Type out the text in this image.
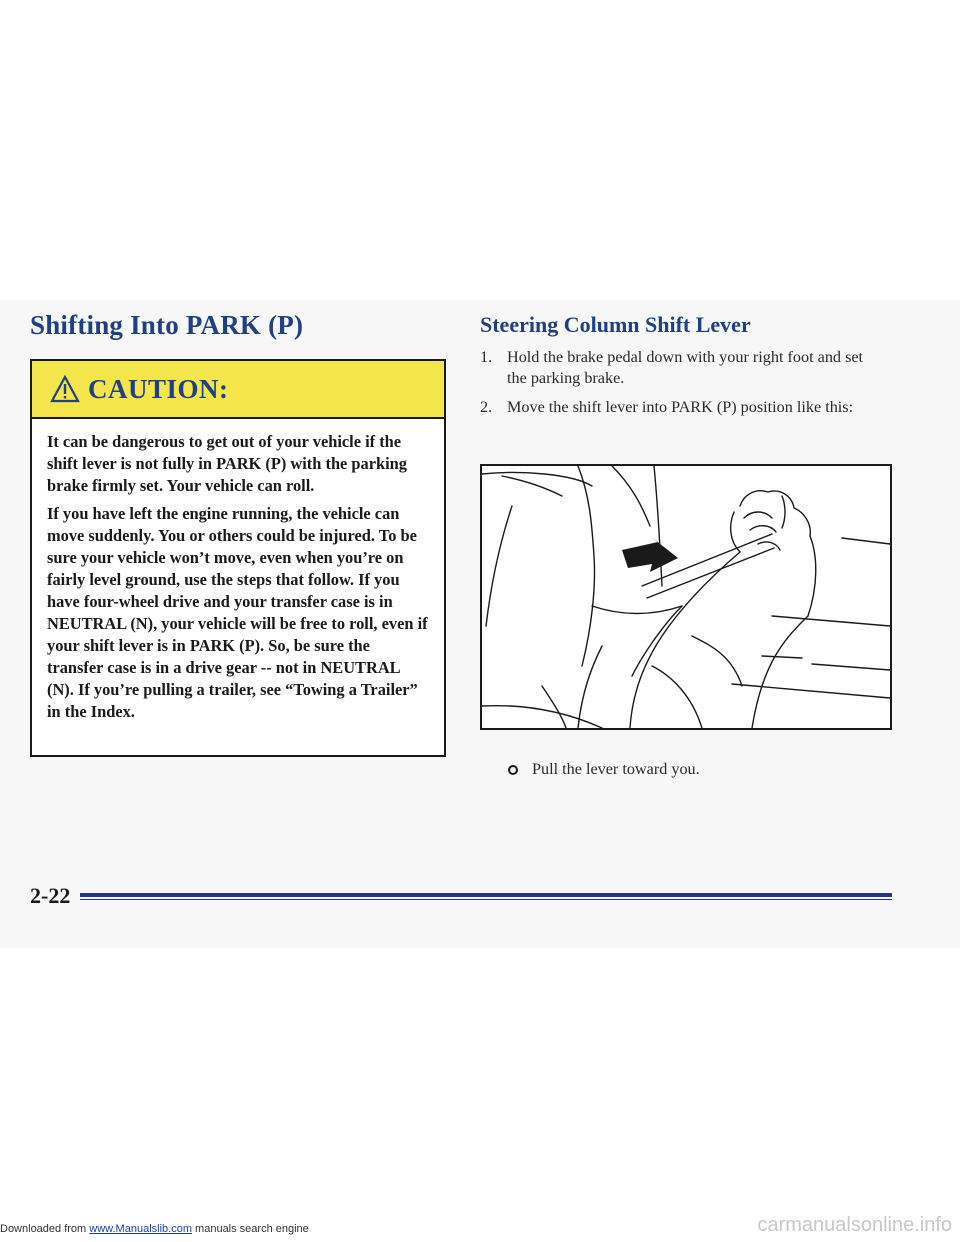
Shifting Into PARK (P)	Steering Column Shift Lever
CAUTION:

It can be dangerous to get out of your vehicle if the shift lever is not fully in PARK (P) with the parking brake firmly set. Your vehicle can roll.

If you have left the engine running, the vehicle can move suddenly. You or others could be injured. To be sure your vehicle won’t move, even when you’re on fairly level ground, use the steps that follow. If you have four-wheel drive and your transfer case is in NEUTRAL (N), your vehicle will be free to roll, even if your shift lever is in PARK (P). So, be sure the transfer case is in a drive gear -- not in NEUTRAL (N). If you’re pulling a trailer, see “Towing a Trailer” in the Index.

1. Hold the brake pedal down with your right foot and set the parking brake.
2. Move the shift lever into PARK (P) position like this:
Pull the lever toward you.
2-22
Downloaded from www.Manualslib.com manuals search engine	carmanualsonline.info
